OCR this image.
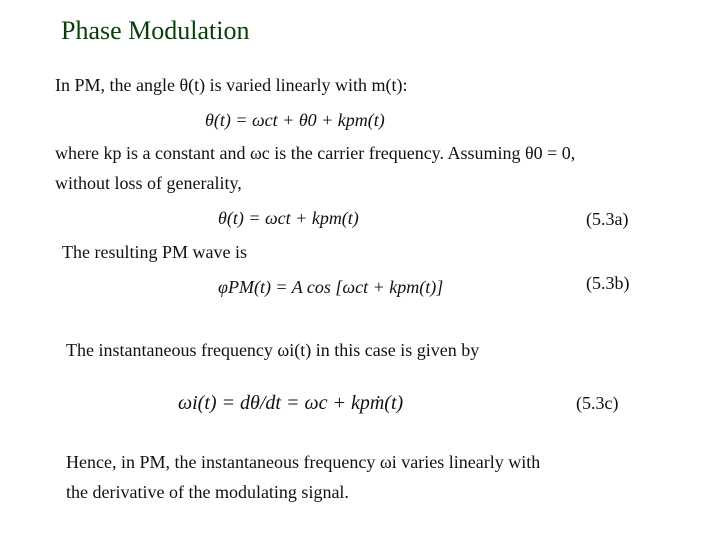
Phase Modulation
In PM, the angle θ(t) is varied linearly with m(t):
θ(t) = ωct + θ0 + kpm(t)
where kp is a constant and ωc is the carrier frequency. Assuming θ0 = 0,
without loss of generality,
θ(t) = ωct + kpm(t)	(5.3a)
The resulting PM wave is
φPM(t) = A cos [ωct + kpm(t)]	(5.3b)
The instantaneous frequency ωi(t) in this case is given by
ωi(t) = dθ/dt = ωc + kpṁ(t)	(5.3c)
Hence, in PM, the instantaneous frequency ωi varies linearly with
the derivative of the modulating signal.
